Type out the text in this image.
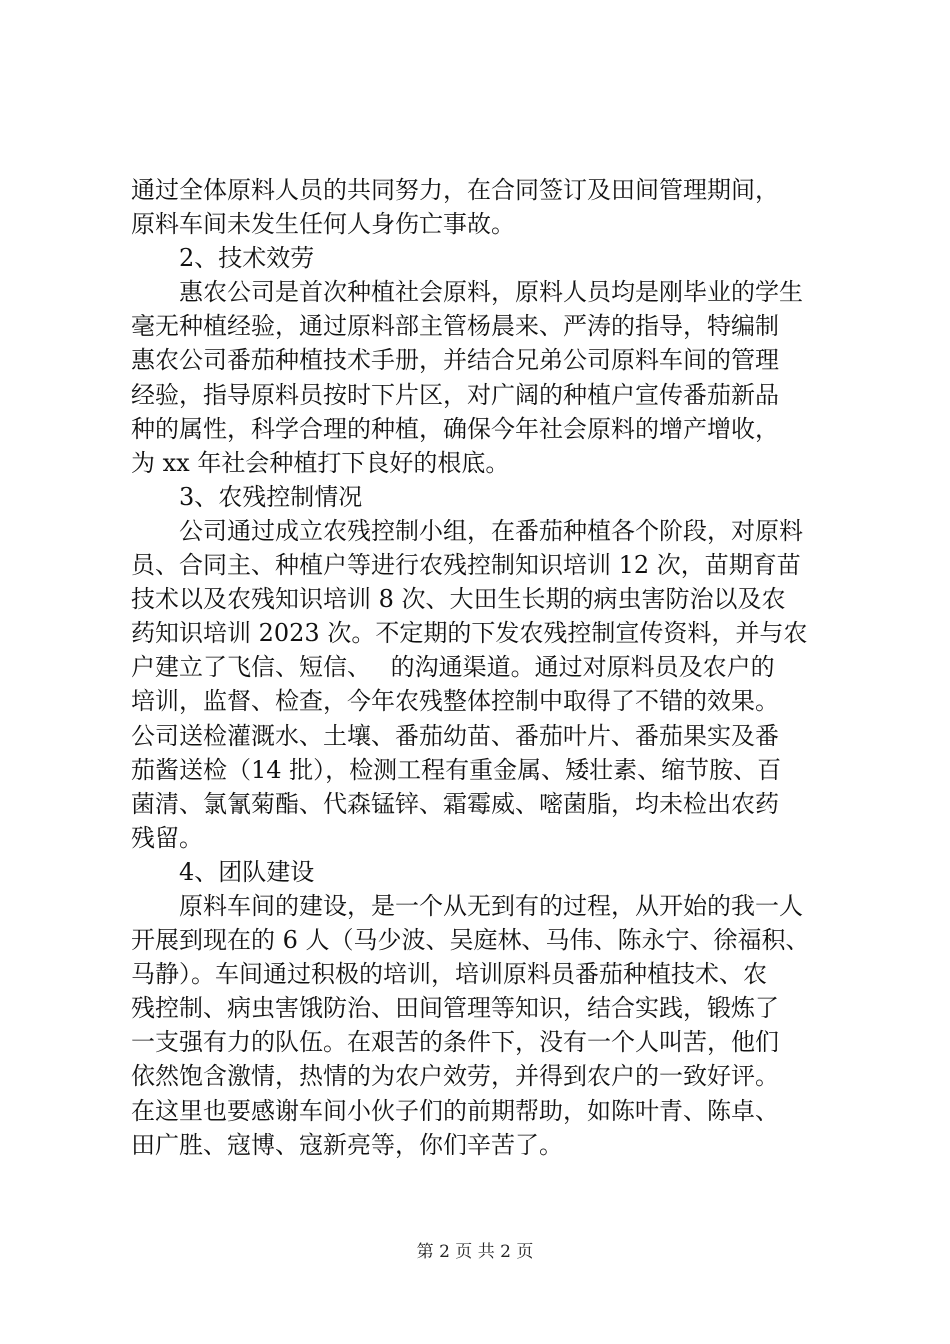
通过全体原料人员的共同努力，在合同签订及田间管理期间，
原料车间未发生任何人身伤亡事故。
2、技术效劳
惠农公司是首次种植社会原料，原料人员均是刚毕业的学生
毫无种植经验，通过原料部主管杨晨来、严涛的指导，特编制
惠农公司番茄种植技术手册，并结合兄弟公司原料车间的管理
经验，指导原料员按时下片区，对广阔的种植户宣传番茄新品
种的属性，科学合理的种植，确保今年社会原料的增产增收，
为 xx 年社会种植打下良好的根底。
3、农残控制情况
公司通过成立农残控制小组，在番茄种植各个阶段，对原料
员、合同主、种植户等进行农残控制知识培训 12 次，苗期育苗
技术以及农残知识培训 8 次、大田生长期的病虫害防治以及农
药知识培训 2023 次。不定期的下发农残控制宣传资料，并与农
户建立了飞信、短信、　 的沟通渠道。通过对原料员及农户的
培训，监督、检查，今年农残整体控制中取得了不错的效果。
公司送检灌溉水、土壤、番茄幼苗、番茄叶片、番茄果实及番
茄酱送检（14 批），检测工程有重金属、矮壮素、缩节胺、百
菌清、氯氰菊酯、代森锰锌、霜霉威、嘧菌脂，均未检出农药
残留。
4、团队建设
原料车间的建设，是一个从无到有的过程，从开始的我一人
开展到现在的 6 人（马少波、吴庭林、马伟、陈永宁、徐福积、
马静）。车间通过积极的培训，培训原料员番茄种植技术、农
残控制、病虫害饿防治、田间管理等知识，结合实践，锻炼了
一支强有力的队伍。在艰苦的条件下，没有一个人叫苦，他们
依然饱含激情，热情的为农户效劳，并得到农户的一致好评。
在这里也要感谢车间小伙子们的前期帮助，如陈叶青、陈卓、
田广胜、寇博、寇新亮等，你们辛苦了。
第 2 页 共 2 页
